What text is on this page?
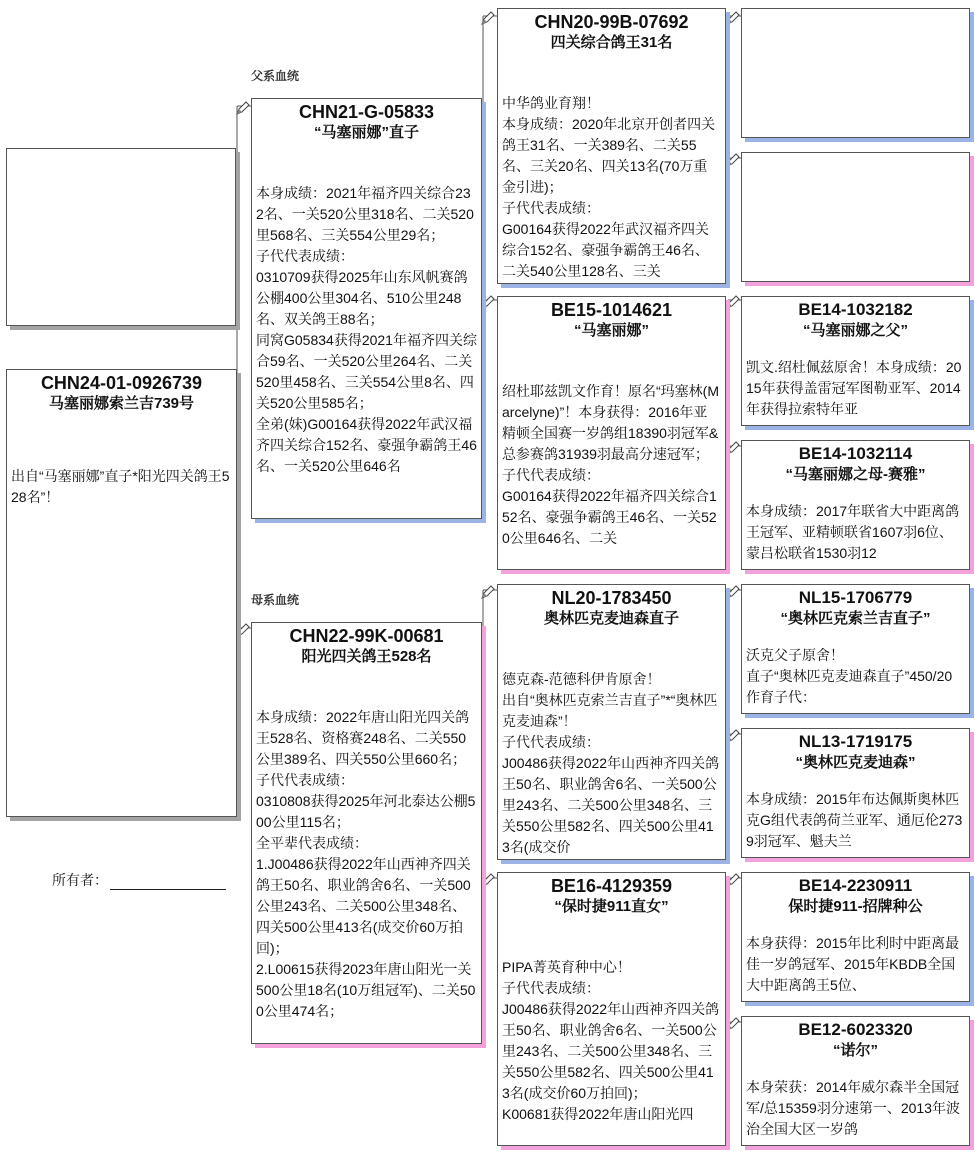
父系血统
母系血统
CHN24-01-0926739
马塞丽娜索兰吉739号
出自“马塞丽娜”直子*阳光四关鸽王528名”！
所有者：
CHN21-G-05833
“马塞丽娜”直子
本身成绩：2021年福齐四关综合232名、一关520公里318名、二关520里568名、三关554公里29名；
子代代表成绩：
0310709获得2025年山东风帆赛鸽公棚400公里304名、510公里248名、双关鸽王88名；
同窝G05834获得2021年福齐四关综合59名、一关520公里264名、二关520里458名、三关554公里8名、四关520公里585名；
全弟(妹)G00164获得2022年武汉福齐四关综合152名、豪强争霸鸽王46名、一关520公里646名
CHN22-99K-00681
阳光四关鸽王528名
本身成绩：2022年唐山阳光四关鸽王528名、资格赛248名、二关550公里389名、四关550公里660名；
子代代表成绩：
0310808获得2025年河北泰达公棚500公里115名；
全平辈代表成绩：
1.J00486获得2022年山西神齐四关鸽王50名、职业鸽舍6名、一关500公里243名、二关500公里348名、四关500公里413名(成交价60万拍回)；
2.L00615获得2023年唐山阳光一关500公里18名(10万组冠军)、二关500公里474名；
CHN20-99B-07692
四关综合鸽王31名
中华鸽业育翔！
本身成绩：2020年北京开创者四关鸽王31名、一关389名、二关55名、三关20名、四关13名(70万重金引进)；
子代代表成绩：
G00164获得2022年武汉福齐四关综合152名、豪强争霸鸽王46名、二关540公里128名、三关
BE15-1014621
“马塞丽娜”
绍杜耶兹凯文作育！原名“玛塞林(Marcelyne)”！本身获得：2016年亚精顿全国赛一岁鸽组18390羽冠军&总参赛鸽31939羽最高分速冠军；
子代代表成绩：
G00164获得2022年福齐四关综合152名、豪强争霸鸽王46名、一关520公里646名、二关
NL20-1783450
奥林匹克麦迪森直子
德克森-范德科伊肯原舍！
出自“奥林匹克索兰吉直子”*“奥林匹克麦迪森”！
子代代表成绩：
J00486获得2022年山西神齐四关鸽王50名、职业鸽舍6名、一关500公里243名、二关500公里348名、三关550公里582名、四关500公里413名(成交价
BE16-4129359
“保时捷911直女”
PIPA菁英育种中心！
子代代表成绩：
J00486获得2022年山西神齐四关鸽王50名、职业鸽舍6名、一关500公里243名、二关500公里348名、三关550公里582名、四关500公里413名(成交价60万拍回)；
K00681获得2022年唐山阳光四
BE14-1032182
“马塞丽娜之父”
凯文.绍杜佩兹原舍！本身成绩：2015年获得盖雷冠军图勒亚军、2014年获得拉索特年亚
BE14-1032114
“马塞丽娜之母-赛雅”
本身成绩：2017年联省大中距离鸽王冠军、亚精顿联省1607羽6位、蒙吕松联省1530羽12
NL15-1706779
“奥林匹克索兰吉直子”
沃克父子原舍！
直子“奥林匹克麦迪森直子”450/20作育子代：
NL13-1719175
“奥林匹克麦迪森”
本身成绩：2015年布达佩斯奥林匹克G组代表鸽荷兰亚军、通厄伦2739羽冠军、魁夫兰
BE14-2230911
保时捷911-招牌种公
本身获得：2015年比利时中距离最佳一岁鸽冠军、2015年KBDB全国大中距离鸽王5位、
BE12-6023320
“诺尔”
本身荣获：2014年威尔森半全国冠军/总15359羽分速第一、2013年波治全国大区一岁鸽
